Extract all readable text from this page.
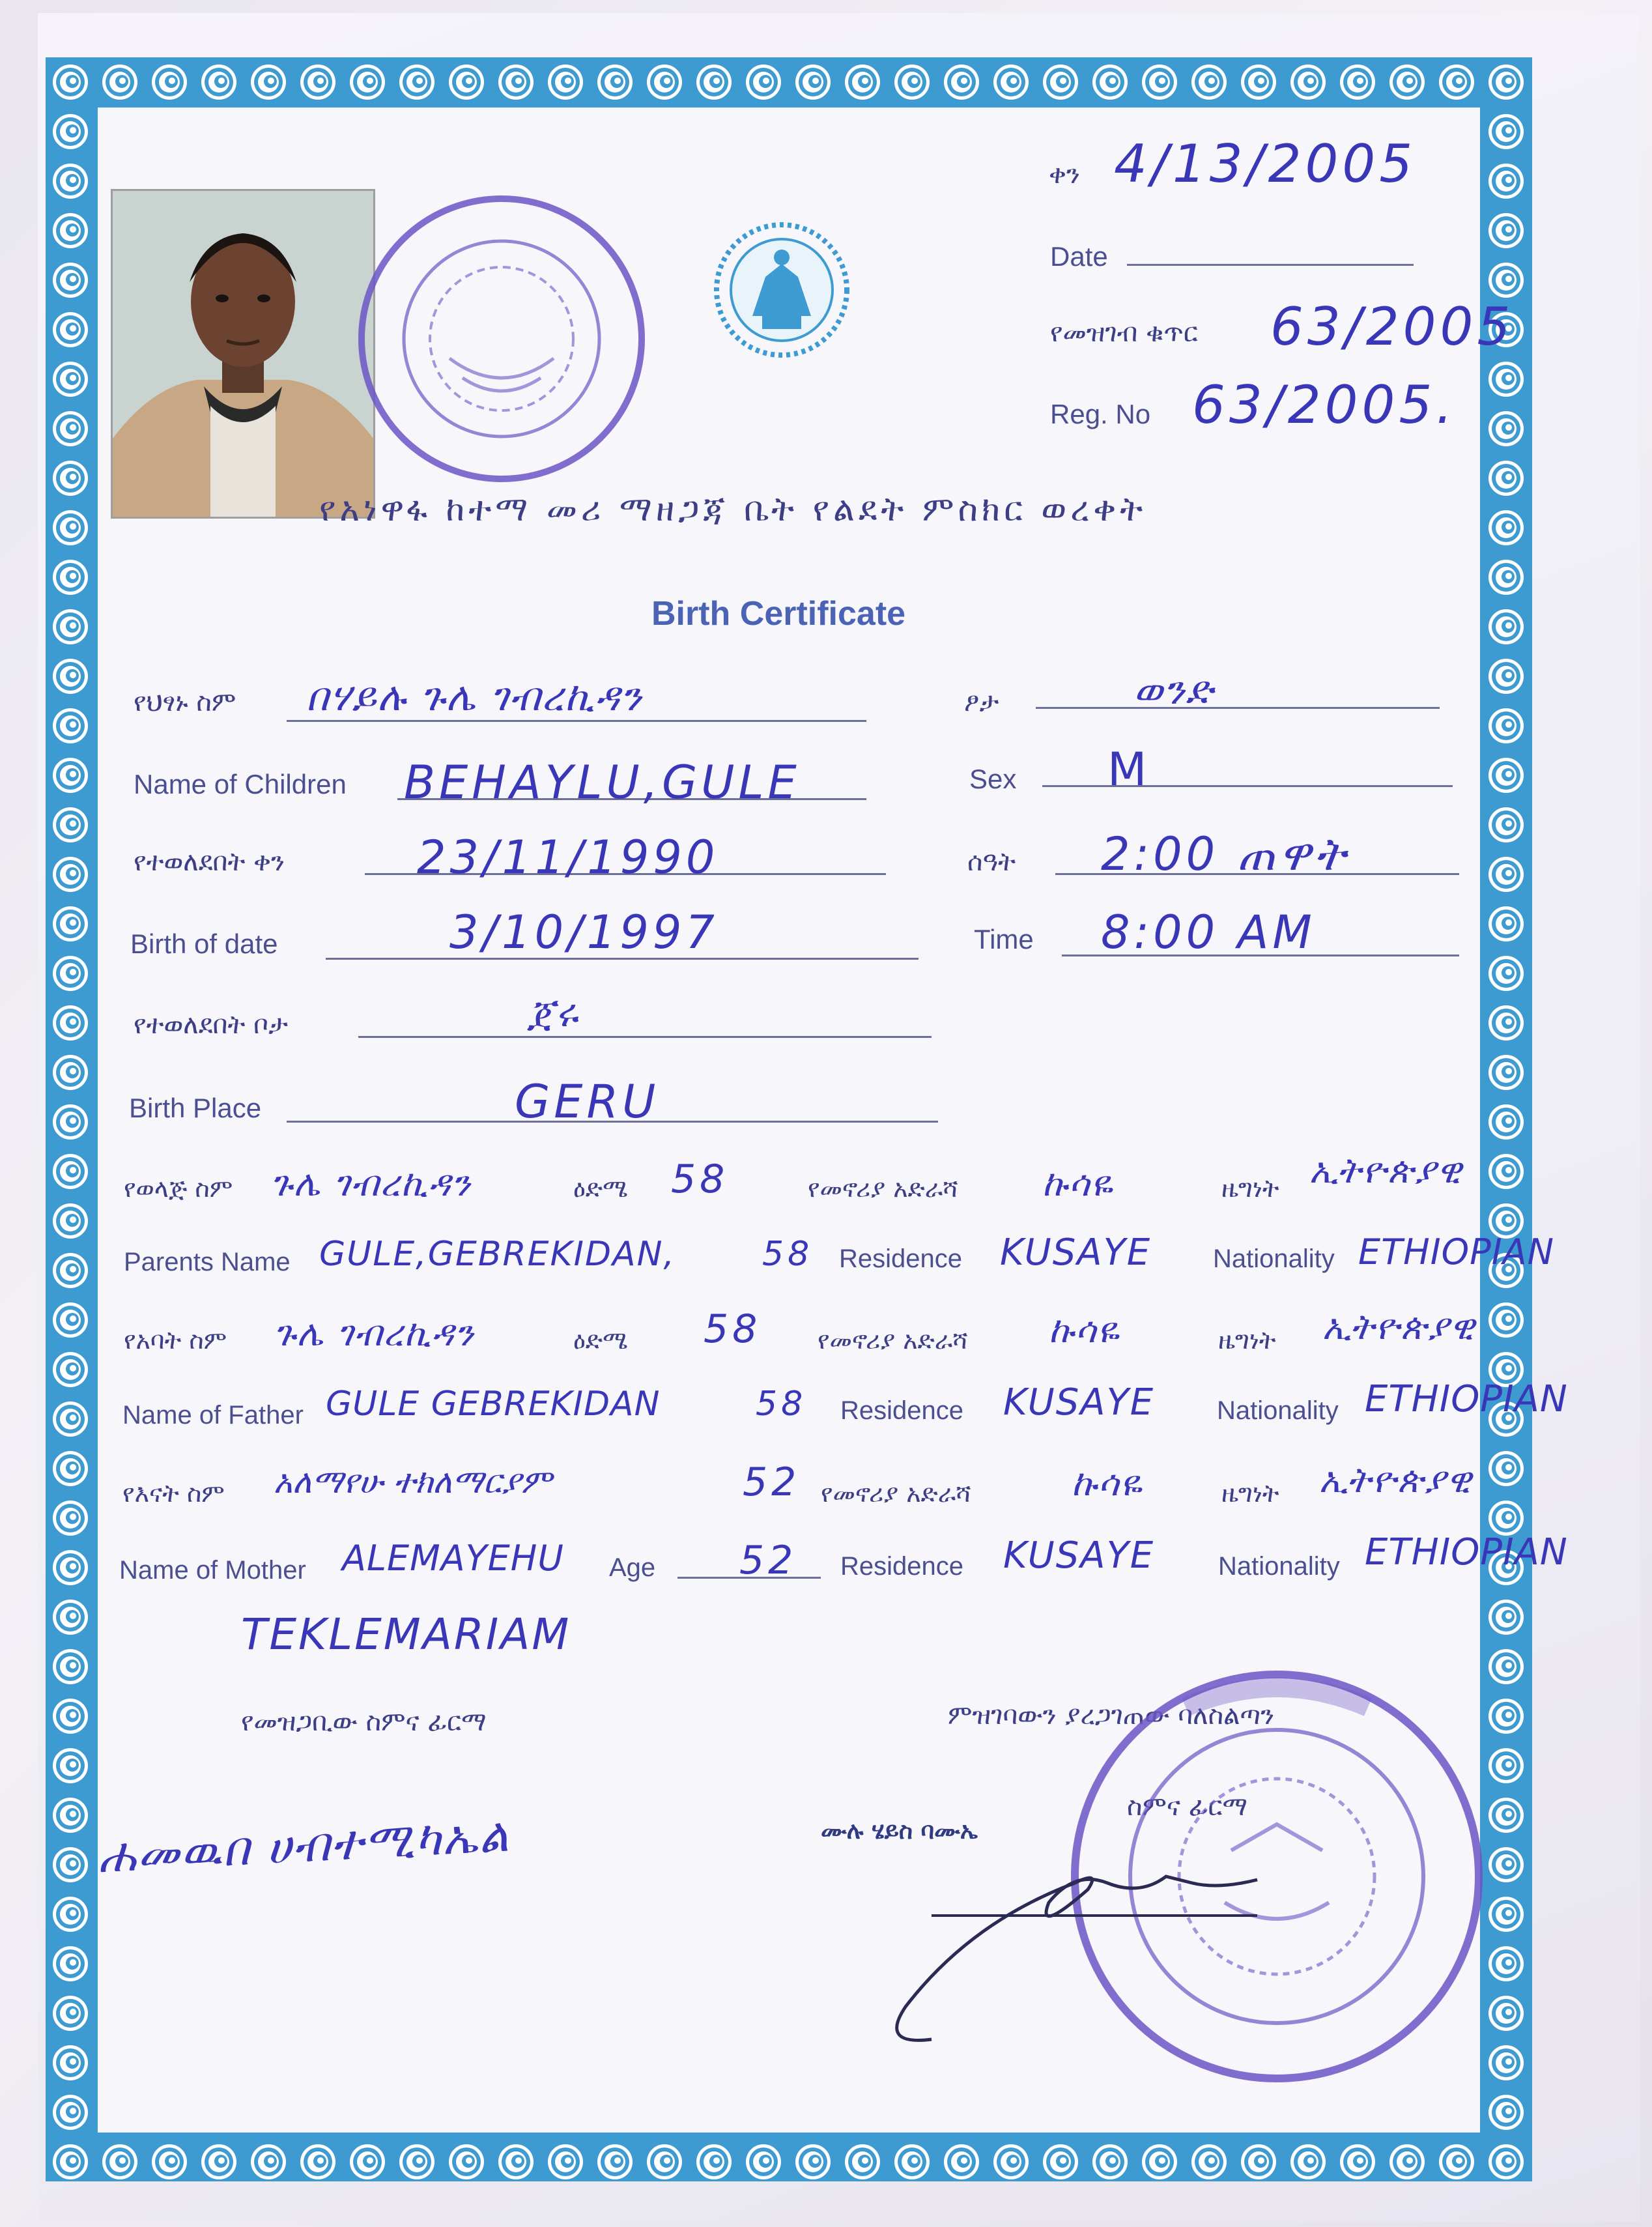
ቀን 4/13/2005
Date
የመዝገብ ቁጥር 63/2005
Reg. No 63/2005.
የአነዋፋ ከተማ መሪ ማዘጋጃ ቤት የልደት ምስክር ወረቀት
Birth Certificate
የህፃኑ ስም በሃይሉ ጉሌ ገብረኪዳን	ፆታ	ወንድ
Name of Children BEHAYLU,GULE	Sex M
የተወለደበት ቀን	23/11/1990	ሰዓት 2:00 ጠዋት
Birth of date	3/10/1997	Time 8:00 AM
የተወለደበት ቦታ	ጀሩ
Birth Place	GERU
የወላጅ ስም ጉሌ ገብረኪዳን	ዕድሜ 58	የመኖሪያ አድራሻ ኩሳዬ	ዜግነት ኢትዮጵያዊ
Parents Name GULE,GEBREKIDAN,	58 Residence KUSAYE Nationality ETHIOPIAN
የአባት ስም ጉሌ ገብረኪዳን	ዕድሜ 58 የመኖሪያ አድራሻ ኩሳዬ	ዜግነት ኢትዮጵያዊ
Name of Father GULE GEBREKIDAN	58 Residence KUSAYE Nationality ETHIOPIAN
የእናት ስም አለማየሁ ተክለማርያም	52 የመኖሪያ አድራሻ	ኩሳዬ	ዜግነት ኢትዮጵያዊ
Name of Mother ALEMAYEHU Age 52 Residence KUSAYE Nationality ETHIOPIAN
TEKLEMARIAM
የመዝጋቢው ስምና ፊርማ	ምዝገባውን ያረጋገጠው ባለስልጣን
ስምና ፊርማ
ሐመዉበ ሀብተሚካኤል	ሙሉ ሄይስ ባሙኤ
